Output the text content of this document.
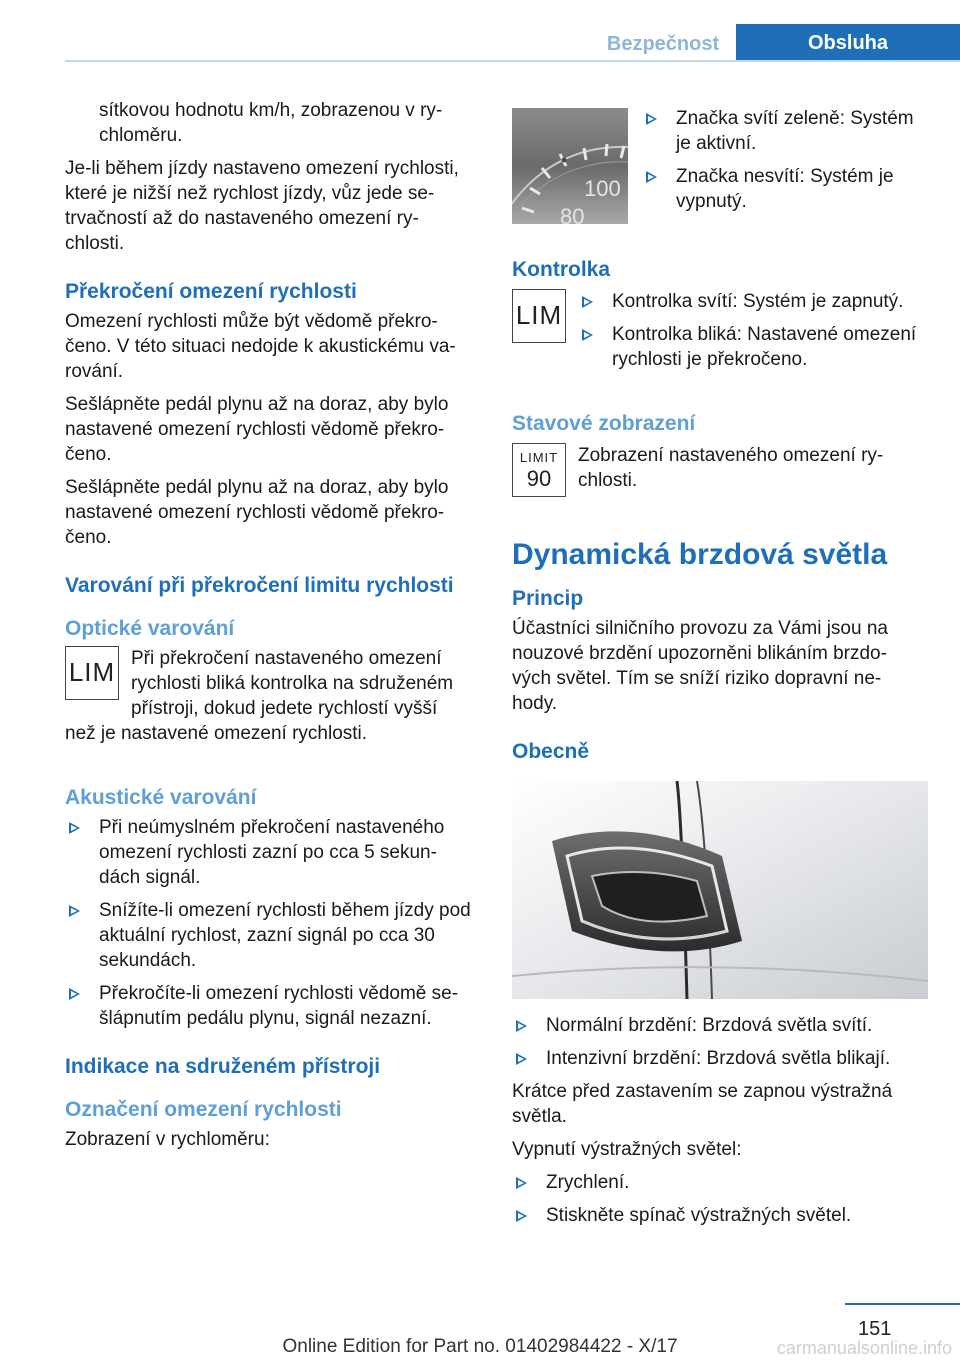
Bezpečnost	Obsluha

sítkovou hodnotu km/h, zobrazenou v ry‐ chloměru.

Je-li během jízdy nastaveno omezení rychlosti, které je nižší než rychlost jízdy, vůz jede se‐ trvačností až do nastaveného omezení ry‐ chlosti.

Překročení omezení rychlosti

Omezení rychlosti může být vědomě překro‐ čeno. V této situaci nedojde k akustickému va‐ rování.

Sešlápněte pedál plynu až na doraz, aby bylo nastavené omezení rychlosti vědomě překro‐ čeno.

Sešlápněte pedál plynu až na doraz, aby bylo nastavené omezení rychlosti vědomě překro‐ čeno.

Varování při překročení limitu rychlosti
Optické varování
LIM Při překročení nastaveného omezení rychlosti bliká kontrolka na sdruženém přístroji, dokud jedete rychlostí vyšší

než je nastavené omezení rychlosti.

Akustické varování
Při neúmyslném překročení nastaveného omezení rychlosti zazní po cca 5 sekun‐ dách signál.
Snížíte-li omezení rychlosti během jízdy pod aktuální rychlost, zazní signál po cca 30 sekundách.
Překročíte-li omezení rychlosti vědomě se‐ šlápnutím pedálu plynu, signál nezazní.
Indikace na sdruženém přístroji
Označení omezení rychlosti

Zobrazení v rychloměru:

100
80
Značka svítí zeleně: Systém je aktivní.
Značka nesvítí: Systém je vypnutý.
Kontrolka
LIM	Kontrolka svítí: Systém je zapnutý.
Kontrolka bliká: Nastavené omezení rychlosti je překročeno.
Stavové zobrazení
LIMIT
90

Zobrazení nastaveného omezení ry‐ chlosti.

Dynamická brzdová světla
Princip

Účastníci silničního provozu za Vámi jsou na nouzové brzdění upozorněni blikáním brzdo‐ vých světel. Tím se sníží riziko dopravní ne‐ hody.

Obecně
Normální brzdění: Brzdová světla svítí.
Intenzivní brzdění: Brzdová světla blikají.

Krátce před zastavením se zapnou výstražná světla.

Vypnutí výstražných světel:

Zrychlení.
Stiskněte spínač výstražných světel.
151
Online Edition for Part no. 01402984422 - X/17	carmanualsonline.info
